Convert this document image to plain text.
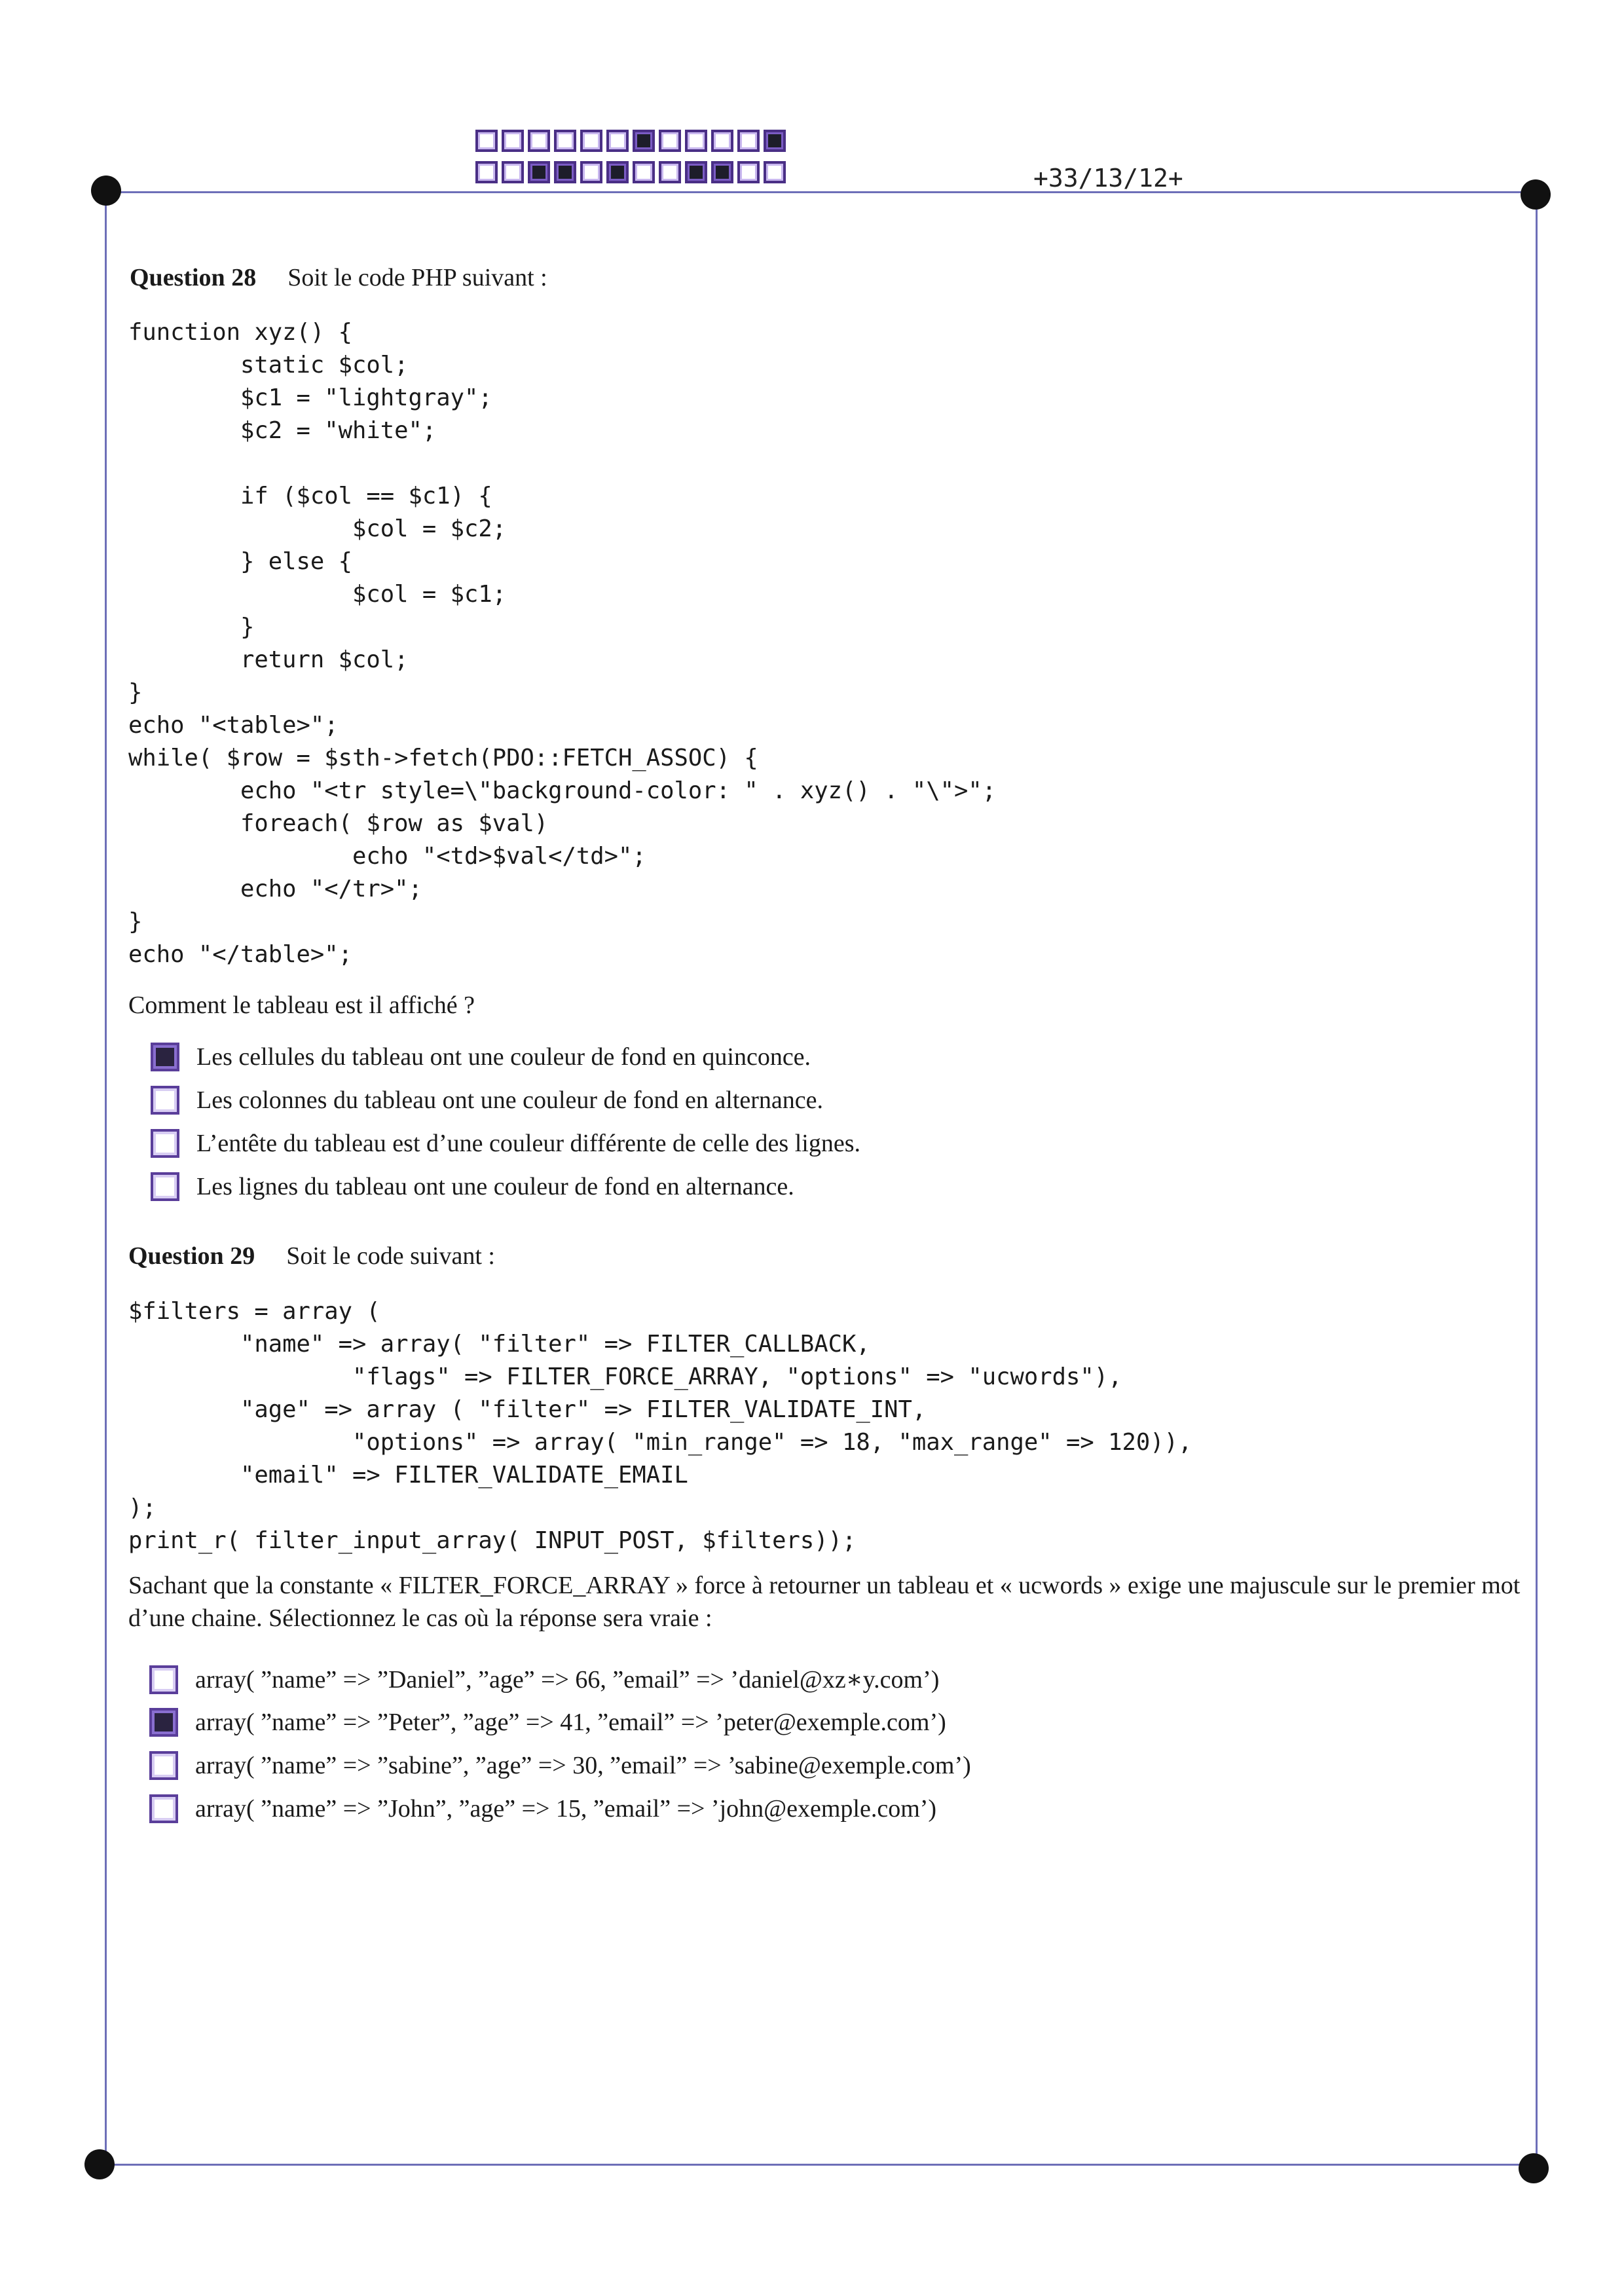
+33/13/12+
Question 28 Soit le code PHP suivant :
function xyz() {
static $col;
$c1 = "lightgray";
$c2 = "white";

if ($col == $c1) {
$col = $c2;
} else {
$col = $c1;
}
return $col;
}
echo "<table>";
while( $row = $sth->fetch(PDO::FETCH_ASSOC) {
echo "<tr style=\"background-color: " . xyz() . "\">";
foreach( $row as $val)
echo "<td>$val</td>";
echo "</tr>";
}
echo "</table>";
Comment le tableau est il affiché ?
Les cellules du tableau ont une couleur de fond en quinconce.
Les colonnes du tableau ont une couleur de fond en alternance.
L’entête du tableau est d’une couleur différente de celle des lignes.
Les lignes du tableau ont une couleur de fond en alternance.
Question 29 Soit le code suivant :
$filters = array (
"name" => array( "filter" => FILTER_CALLBACK,
"flags" => FILTER_FORCE_ARRAY, "options" => "ucwords"),
"age" => array ( "filter" => FILTER_VALIDATE_INT,
"options" => array( "min_range" => 18, "max_range" => 120)),
"email" => FILTER_VALIDATE_EMAIL
);
print_r( filter_input_array( INPUT_POST, $filters));
Sachant que la constante « FILTER_FORCE_ARRAY » force à retourner un tableau et « ucwords » exige une majuscule sur le premier mot d’une chaine. Sélectionnez le cas où la réponse sera vraie :
array( ”name” => ”Daniel”, ”age” => 66, ”email” => ’daniel@xz∗y.com’)
array( ”name” => ”Peter”, ”age” => 41, ”email” => ’peter@exemple.com’)
array( ”name” => ”sabine”, ”age” => 30, ”email” => ’sabine@exemple.com’)
array( ”name” => ”John”, ”age” => 15, ”email” => ’john@exemple.com’)
